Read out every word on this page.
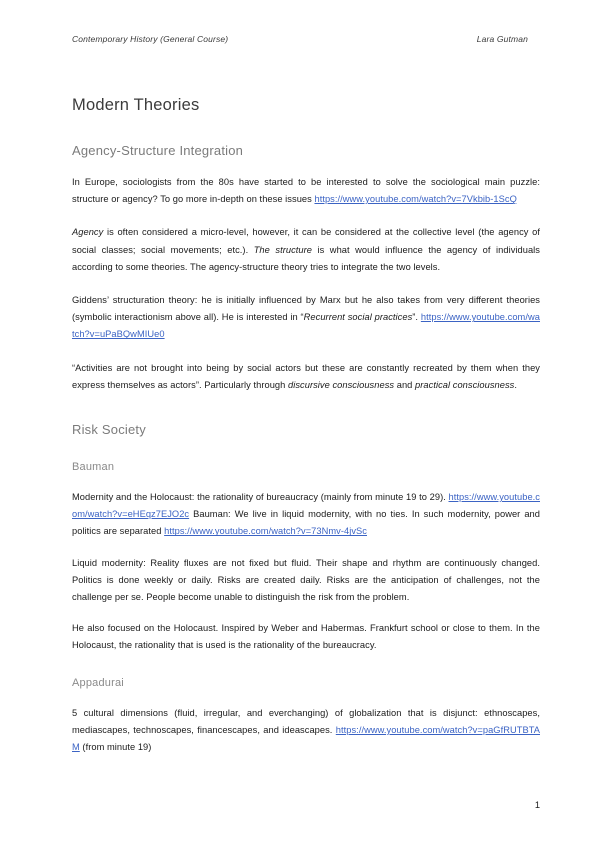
Contemporary History (General Course)	Lara Gutman
Modern Theories
Agency-Structure Integration

In Europe, sociologists from the 80s have started to be interested to solve the sociological main puzzle: structure or agency? To go more in-depth on these issues https://www.youtube.com/watch?v=7Vkbib-1ScQ

Agency is often considered a micro-level, however, it can be considered at the collective level (the agency of social classes; social movements; etc.). The structure is what would influence the agency of individuals according to some theories. The agency-structure theory tries to integrate the two levels.

Giddens’ structuration theory: he is initially influenced by Marx but he also takes from very different theories (symbolic interactionism above all). He is interested in “Recurrent social practices”. https://www.youtube.com/watch?v=uPaBQwMIUe0

“Activities are not brought into being by social actors but these are constantly recreated by them when they express themselves as actors”. Particularly through discursive consciousness and practical consciousness.

Risk Society
Bauman

Modernity and the Holocaust: the rationality of bureaucracy (mainly from minute 19 to 29). https://www.youtube.com/watch?v=eHEqz7EJO2c Bauman: We live in liquid modernity, with no ties. In such modernity, power and politics are separated https://www.youtube.com/watch?v=73Nmv-4jvSc

Liquid modernity: Reality fluxes are not fixed but fluid. Their shape and rhythm are continuously changed. Politics is done weekly or daily. Risks are created daily. Risks are the anticipation of challenges, not the challenge per se. People become unable to distinguish the risk from the problem.

He also focused on the Holocaust. Inspired by Weber and Habermas. Frankfurt school or close to them. In the Holocaust, the rationality that is used is the rationality of the bureaucracy.

Appadurai

5 cultural dimensions (fluid, irregular, and everchanging) of globalization that is disjunct: ethnoscapes, mediascapes, technoscapes, financescapes, and ideascapes. https://www.youtube.com/watch?v=paGfRUTBTAM (from minute 19)

1
